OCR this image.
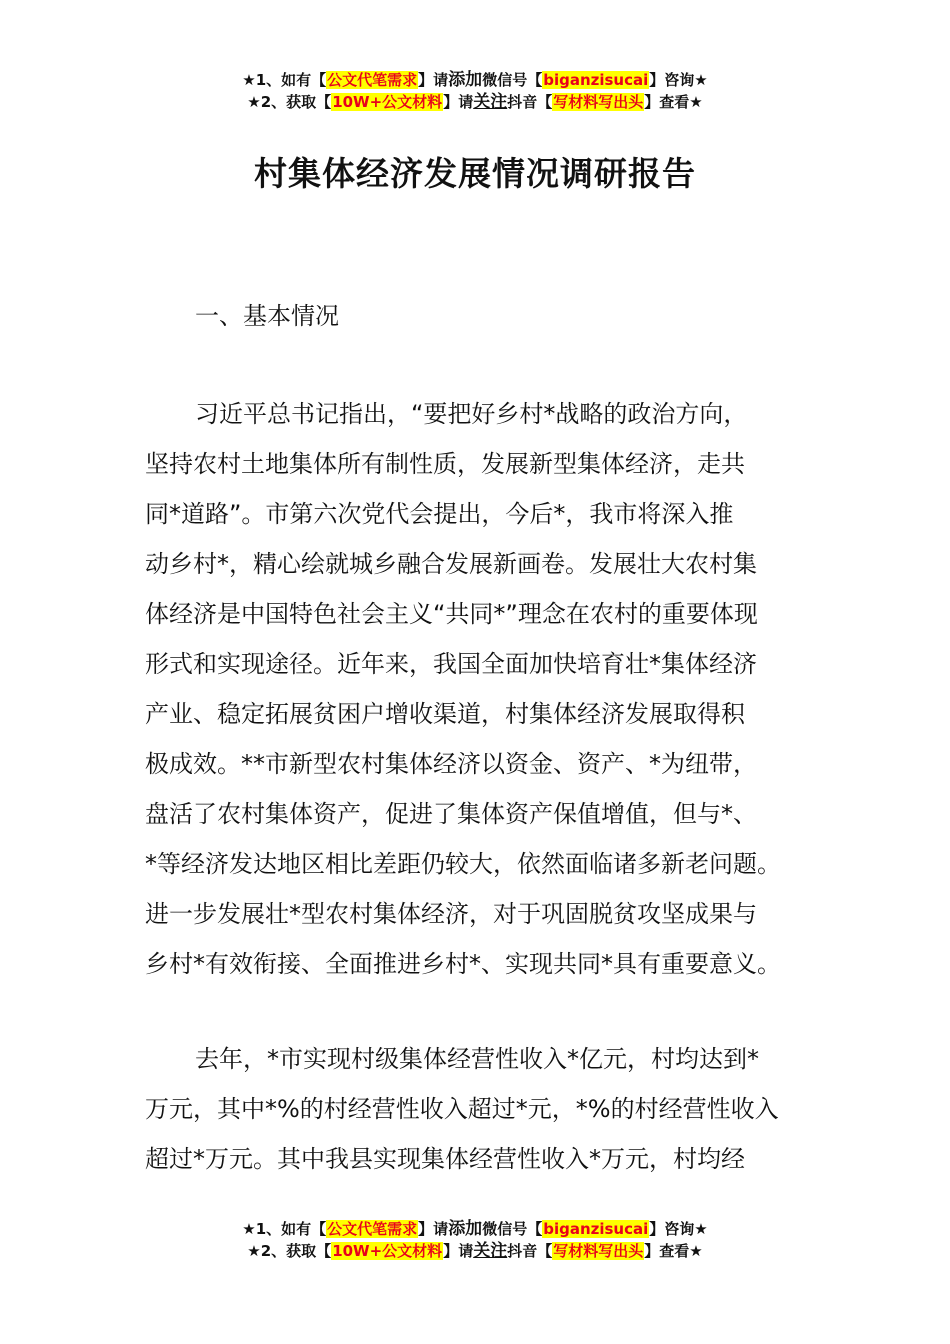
★1、如有【公文代笔需求】请添加微信号【biganzisucai】咨询★
★2、获取【10W+公文材料】请关注抖音【写材料写出头】查看★
村集体经济发展情况调研报告
一、基本情况
习近平总书记指出，“要把好乡村*战略的政治方向，
坚持农村土地集体所有制性质，发展新型集体经济，走共
同*道路”。市第六次党代会提出，今后*，我市将深入推
动乡村*，精心绘就城乡融合发展新画卷。发展壮大农村集
体经济是中国特色社会主义“共同*”理念在农村的重要体现
形式和实现途径。近年来，我国全面加快培育壮*集体经济
产业、稳定拓展贫困户增收渠道，村集体经济发展取得积
极成效。**市新型农村集体经济以资金、资产、*为纽带，
盘活了农村集体资产，促进了集体资产保值增值，但与*、
*等经济发达地区相比差距仍较大，依然面临诸多新老问题。
进一步发展壮*型农村集体经济，对于巩固脱贫攻坚成果与
乡村*有效衔接、全面推进乡村*、实现共同*具有重要意义。
去年，*市实现村级集体经营性收入*亿元，村均达到*
万元，其中*%的村经营性收入超过*元，*%的村经营性收入
超过*万元。其中我县实现集体经营性收入*万元，村均经
★1、如有【公文代笔需求】请添加微信号【biganzisucai】咨询★
★2、获取【10W+公文材料】请关注抖音【写材料写出头】查看★
